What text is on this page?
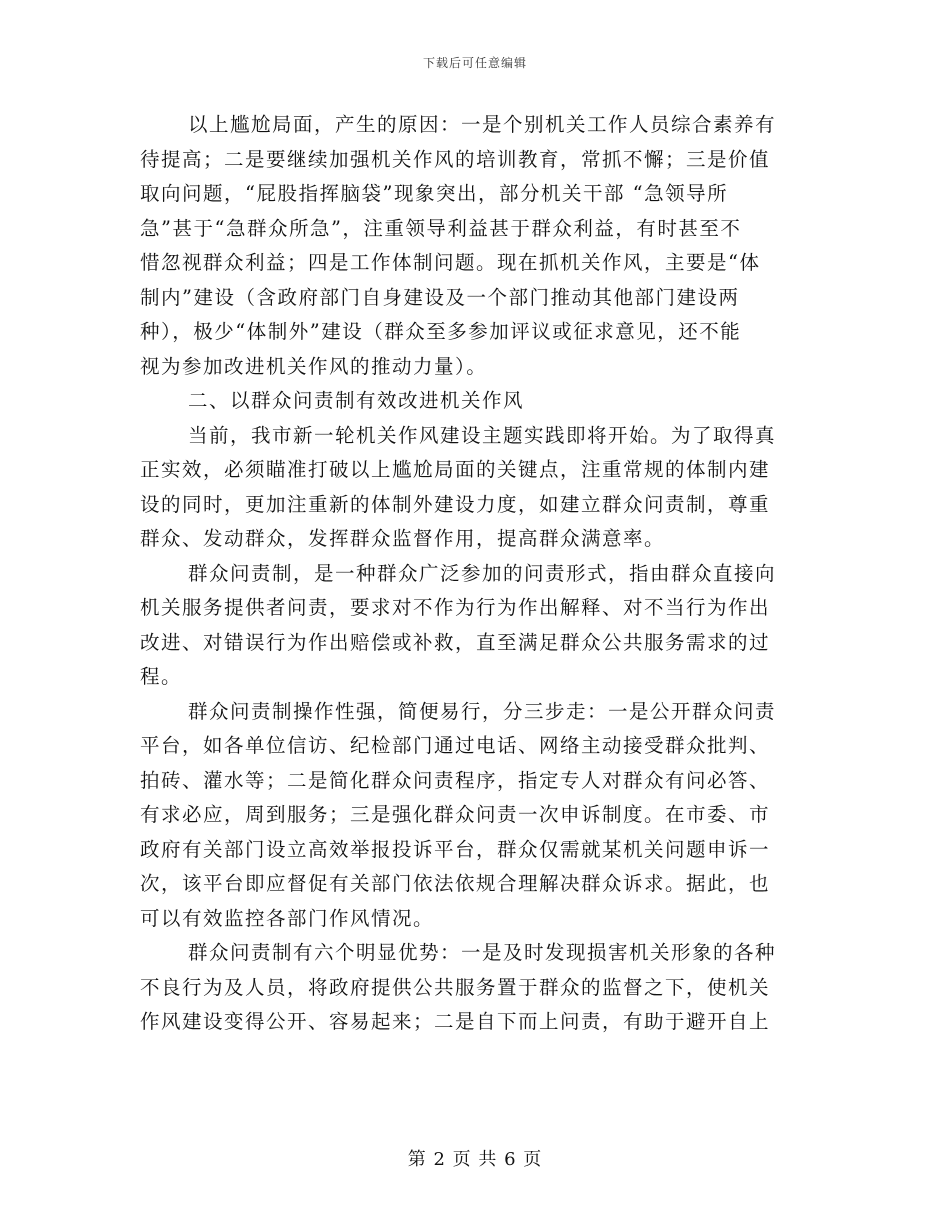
下载后可任意编辑
以上尴尬局面，产生的原因：一是个别机关工作人员综合素养有
待提高；二是要继续加强机关作风的培训教育，常抓不懈；三是价值
取向问题，“屁股指挥脑袋”现象突出，部分机关干部 “急领导所
急”甚于“急群众所急”，注重领导利益甚于群众利益，有时甚至不
惜忽视群众利益；四是工作体制问题。现在抓机关作风，主要是“体
制内”建设（含政府部门自身建设及一个部门推动其他部门建设两
种），极少“体制外”建设（群众至多参加评议或征求意见，还不能
视为参加改进机关作风的推动力量）。
二、以群众问责制有效改进机关作风
当前，我市新一轮机关作风建设主题实践即将开始。为了取得真
正实效，必须瞄准打破以上尴尬局面的关键点，注重常规的体制内建
设的同时，更加注重新的体制外建设力度，如建立群众问责制，尊重
群众、发动群众，发挥群众监督作用，提高群众满意率。
群众问责制，是一种群众广泛参加的问责形式，指由群众直接向
机关服务提供者问责，要求对不作为行为作出解释、对不当行为作出
改进、对错误行为作出赔偿或补救，直至满足群众公共服务需求的过
程。
群众问责制操作性强，简便易行，分三步走：一是公开群众问责
平台，如各单位信访、纪检部门通过电话、网络主动接受群众批判、
拍砖、灌水等；二是简化群众问责程序，指定专人对群众有问必答、
有求必应，周到服务；三是强化群众问责一次申诉制度。在市委、市
政府有关部门设立高效举报投诉平台，群众仅需就某机关问题申诉一
次，该平台即应督促有关部门依法依规合理解决群众诉求。据此，也
可以有效监控各部门作风情况。
群众问责制有六个明显优势：一是及时发现损害机关形象的各种
不良行为及人员，将政府提供公共服务置于群众的监督之下，使机关
作风建设变得公开、容易起来；二是自下而上问责，有助于避开自上
第 2 页 共 6 页
